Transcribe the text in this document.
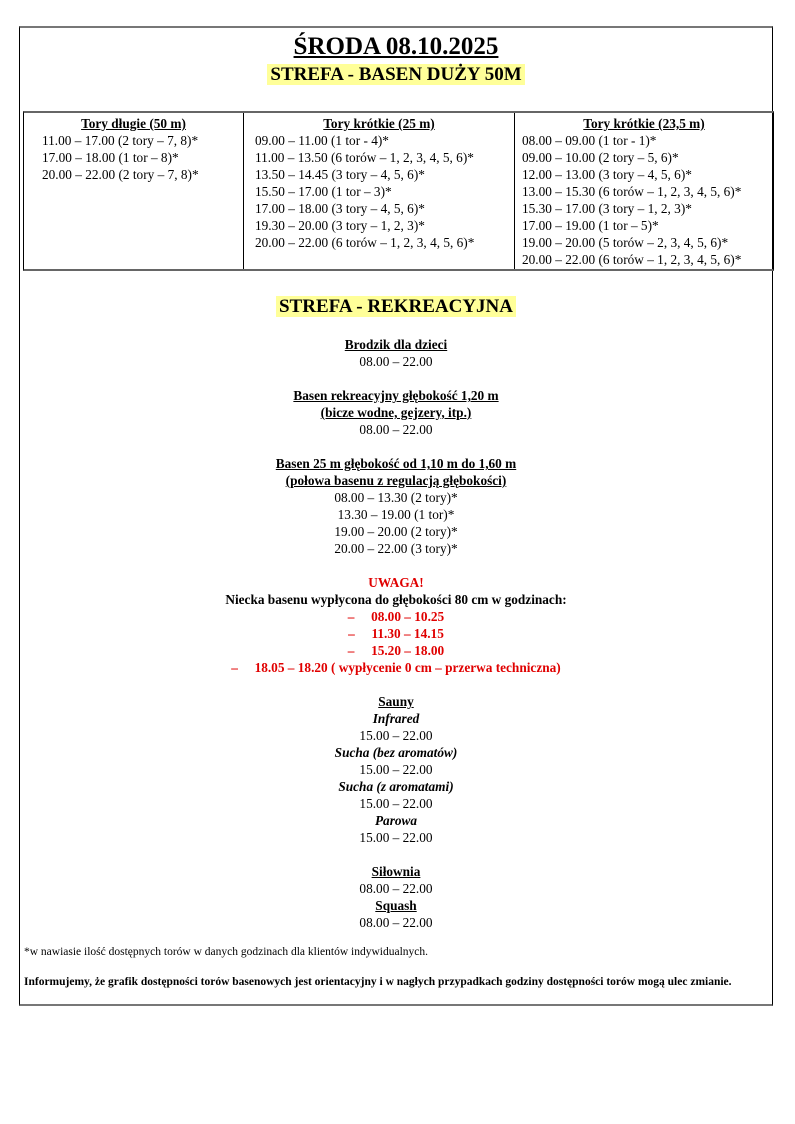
ŚRODA 08.10.2025
STREFA - BASEN DUŻY 50M
Tory długie (50 m)
11.00 – 17.00 (2 tory – 7, 8)*
17.00 – 18.00 (1 tor – 8)*
20.00 – 22.00 (2 tory – 7, 8)*
Tory krótkie (25 m)
09.00 – 11.00 (1 tor - 4)*
11.00 – 13.50 (6 torów – 1, 2, 3, 4, 5, 6)*
13.50 – 14.45 (3 tory – 4, 5, 6)*
15.50 – 17.00 (1 tor – 3)*
17.00 – 18.00 (3 tory – 4, 5, 6)*
19.30 – 20.00 (3 tory – 1, 2, 3)*
20.00 – 22.00 (6 torów – 1, 2, 3, 4, 5, 6)*
Tory krótkie (23,5 m)
08.00 – 09.00 (1 tor - 1)*
09.00 – 10.00 (2 tory – 5, 6)*
12.00 – 13.00 (3 tory – 4, 5, 6)*
13.00 – 15.30 (6 torów – 1, 2, 3, 4, 5, 6)*
15.30 – 17.00 (3 tory – 1, 2, 3)*
17.00 – 19.00 (1 tor – 5)*
19.00 – 20.00 (5 torów – 2, 3, 4, 5, 6)*
20.00 – 22.00 (6 torów – 1, 2, 3, 4, 5, 6)*
STREFA - REKREACYJNA
Brodzik dla dzieci
08.00 – 22.00
Basen rekreacyjny głębokość 1,20 m
(bicze wodne, gejzery, itp.)
08.00 – 22.00
Basen 25 m głębokość od 1,10 m do 1,60 m
(połowa basenu z regulacją głębokości)
08.00 – 13.30 (2 tory)*
13.30 – 19.00 (1 tor)*
19.00 – 20.00 (2 tory)*
20.00 – 22.00 (3 tory)*
UWAGA!
Niecka basenu wypłycona do głębokości 80 cm w godzinach:
– 08.00 – 10.25
– 11.30 – 14.15
– 15.20 – 18.00
– 18.05 – 18.20 ( wypłycenie 0 cm – przerwa techniczna)
Sauny
Infrared
15.00 – 22.00
Sucha (bez aromatów)
15.00 – 22.00
Sucha (z aromatami)
15.00 – 22.00
Parowa
15.00 – 22.00
Siłownia
08.00 – 22.00
Squash
08.00 – 22.00
*w nawiasie ilość dostępnych torów w danych godzinach dla klientów indywidualnych.
Informujemy, że grafik dostępności torów basenowych jest orientacyjny i w nagłych przypadkach godziny dostępności torów mogą ulec zmianie.
